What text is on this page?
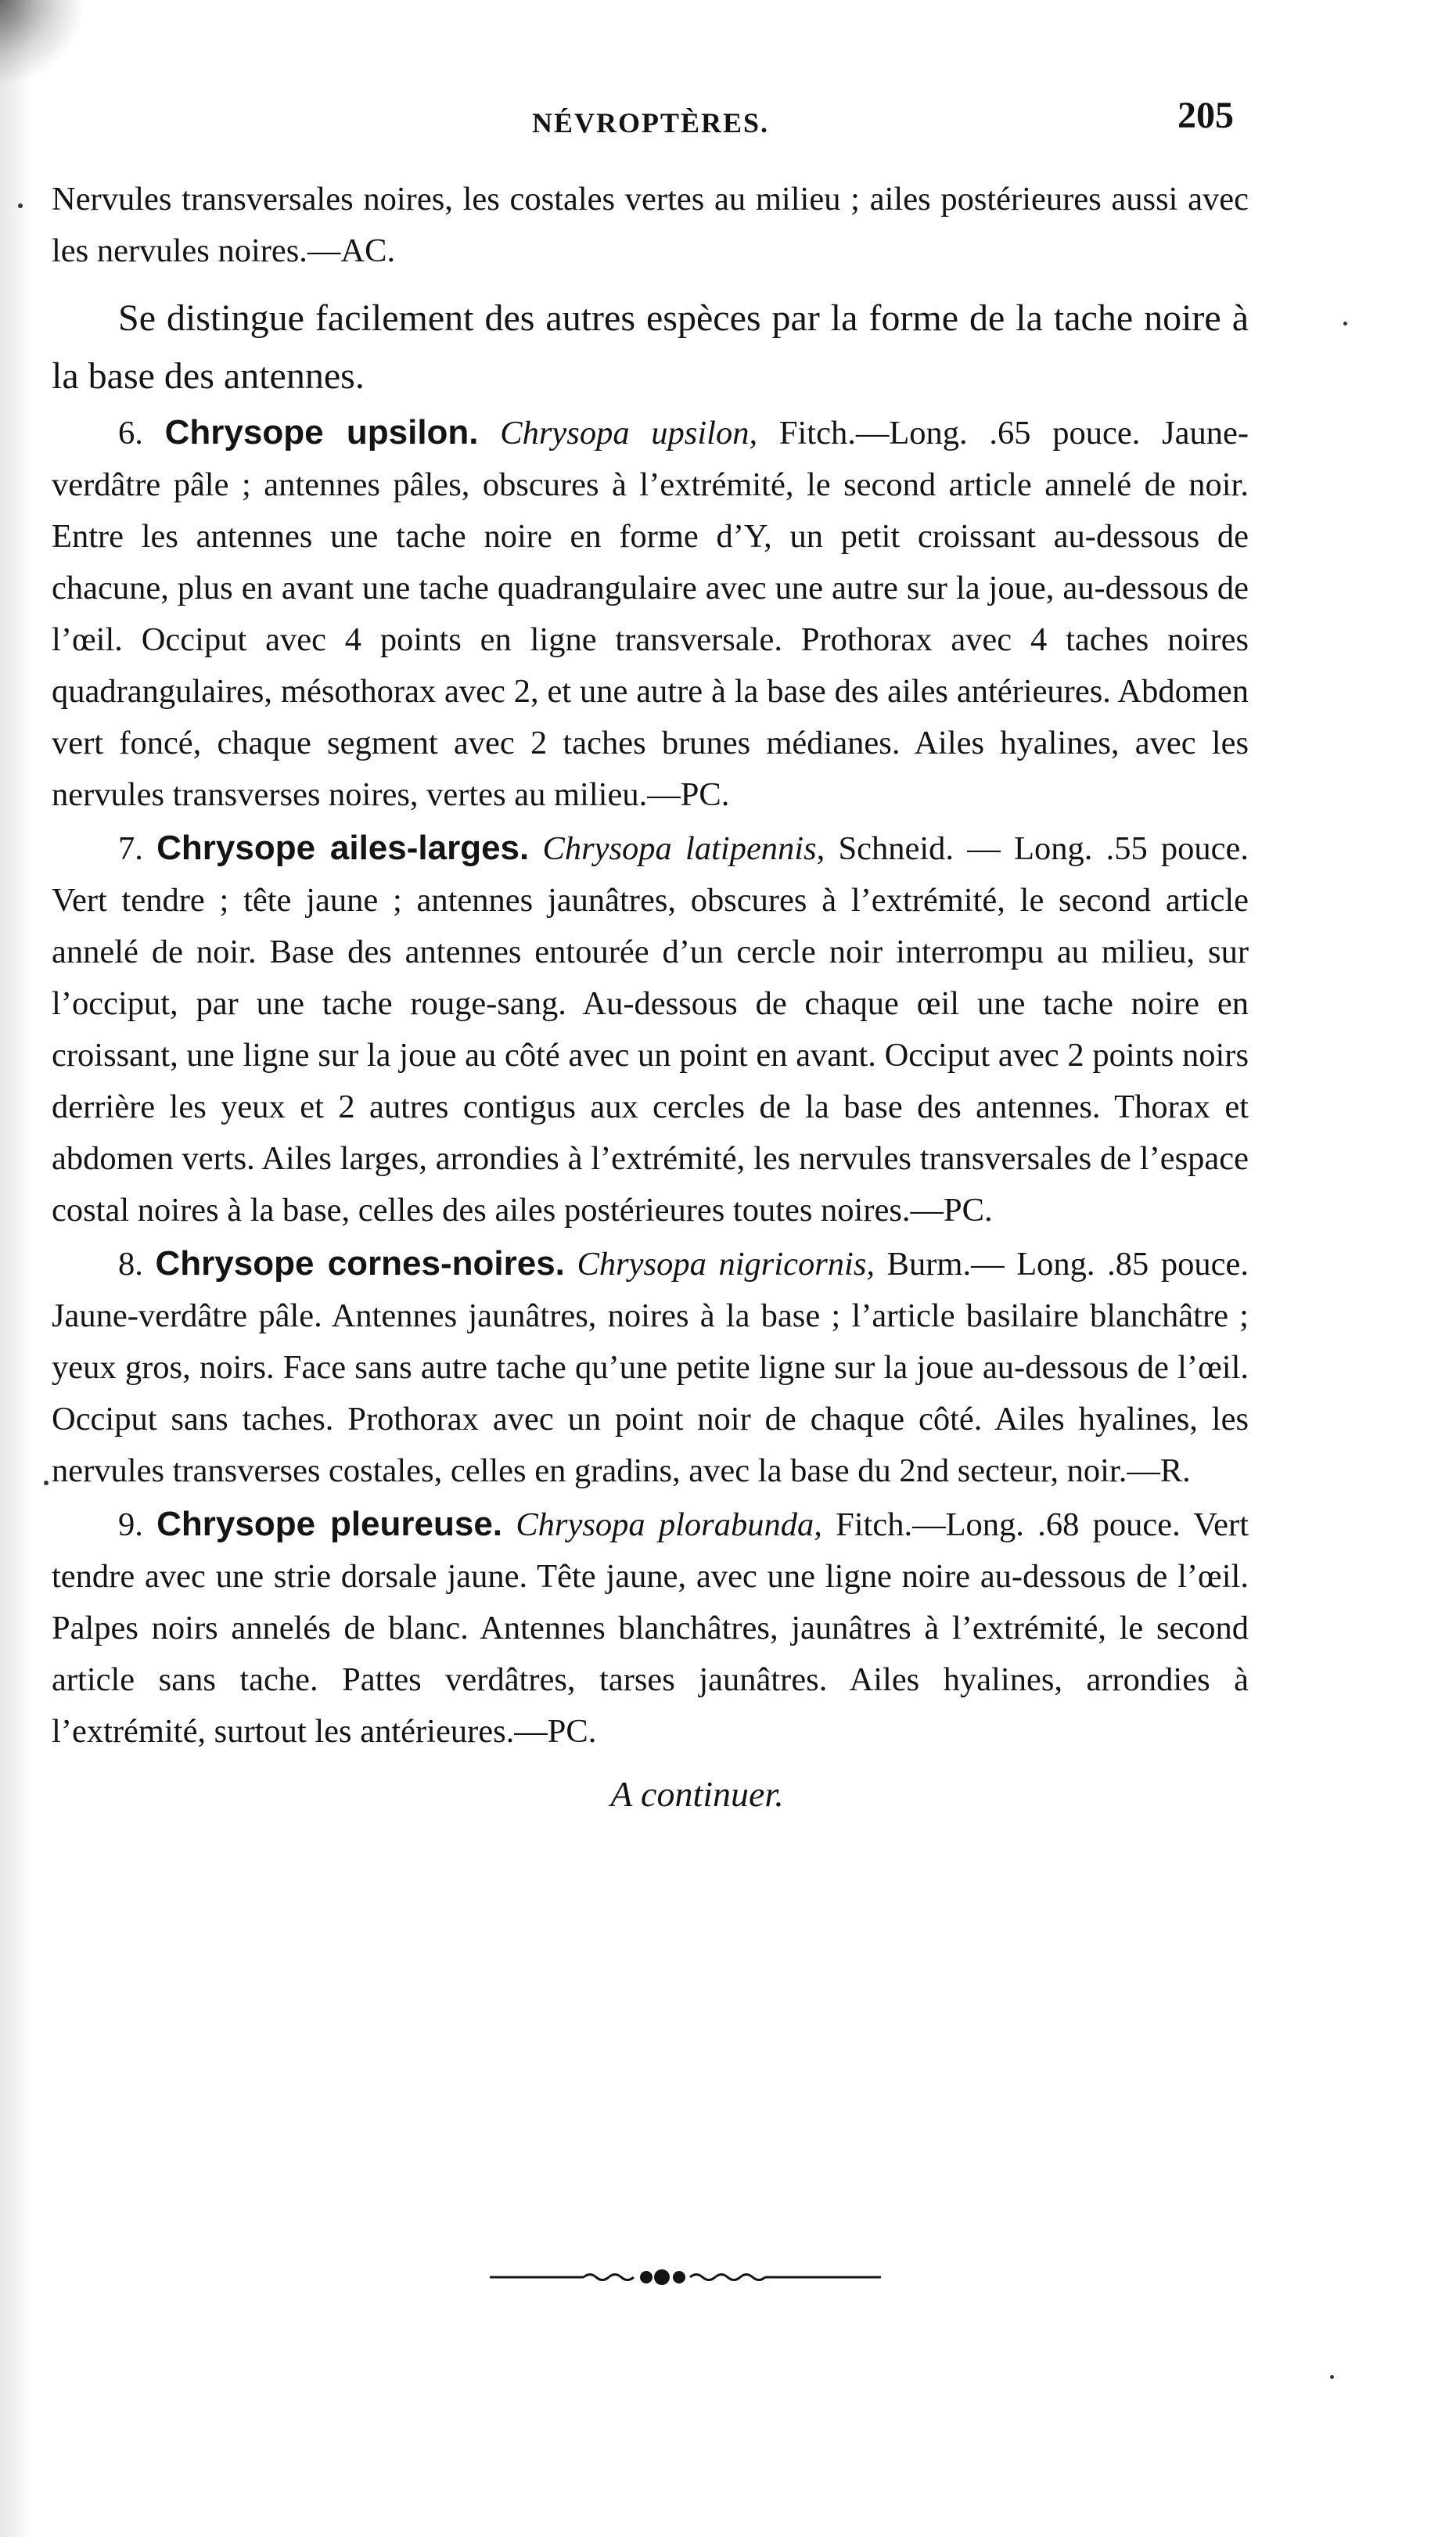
NÉVROPTÈRES.	205

Nervules transversales noires, les costales vertes au milieu ; ailes postérieures aussi avec les nervules noires.—AC.

Se distingue facilement des autres espèces par la forme de la tache noire à la base des antennes.

6. Chrysope upsilon. Chrysopa upsilon, Fitch.—Long. .65 pouce. Jaune-verdâtre pâle ; antennes pâles, obscures à l’extrémité, le second article annelé de noir. Entre les antennes une tache noire en forme d’Y, un petit croissant au-dessous de chacune, plus en avant une tache quadrangulaire avec une autre sur la joue, au-dessous de l’œil. Occiput avec 4 points en ligne transversale. Prothorax avec 4 taches noires quadrangulaires, mésothorax avec 2, et une autre à la base des ailes antérieures. Abdomen vert foncé, chaque segment avec 2 taches brunes médianes. Ailes hyalines, avec les nervules transverses noires, vertes au milieu.—PC.

7. Chrysope ailes-larges. Chrysopa latipennis, Schneid. — Long. .55 pouce. Vert tendre ; tête jaune ; antennes jaunâtres, obscures à l’extrémité, le second article annelé de noir. Base des antennes entourée d’un cercle noir interrompu au milieu, sur l’occiput, par une tache rouge-sang. Au-dessous de chaque œil une tache noire en croissant, une ligne sur la joue au côté avec un point en avant. Occiput avec 2 points noirs derrière les yeux et 2 autres contigus aux cercles de la base des antennes. Thorax et abdomen verts. Ailes larges, arrondies à l’extrémité, les nervules transversales de l’espace costal noires à la base, celles des ailes postérieures toutes noires.—PC.

8. Chrysope cornes-noires. Chrysopa nigricornis, Burm.— Long. .85 pouce. Jaune-verdâtre pâle. Antennes jaunâtres, noires à la base ; l’article basilaire blanchâtre ; yeux gros, noirs. Face sans autre tache qu’une petite ligne sur la joue au-dessous de l’œil. Occiput sans taches. Prothorax avec un point noir de chaque côté. Ailes hyalines, les nervules transverses costales, celles en gradins, avec la base du 2nd secteur, noir.—R.

9. Chrysope pleureuse. Chrysopa plorabunda, Fitch.—Long. .68 pouce. Vert tendre avec une strie dorsale jaune. Tête jaune, avec une ligne noire au-dessous de l’œil. Palpes noirs annelés de blanc. Antennes blanchâtres, jaunâtres à l’extrémité, le second article sans tache. Pattes verdâtres, tarses jaunâtres. Ailes hyalines, arrondies à l’extrémité, surtout les antérieures.—PC.

A continuer.
